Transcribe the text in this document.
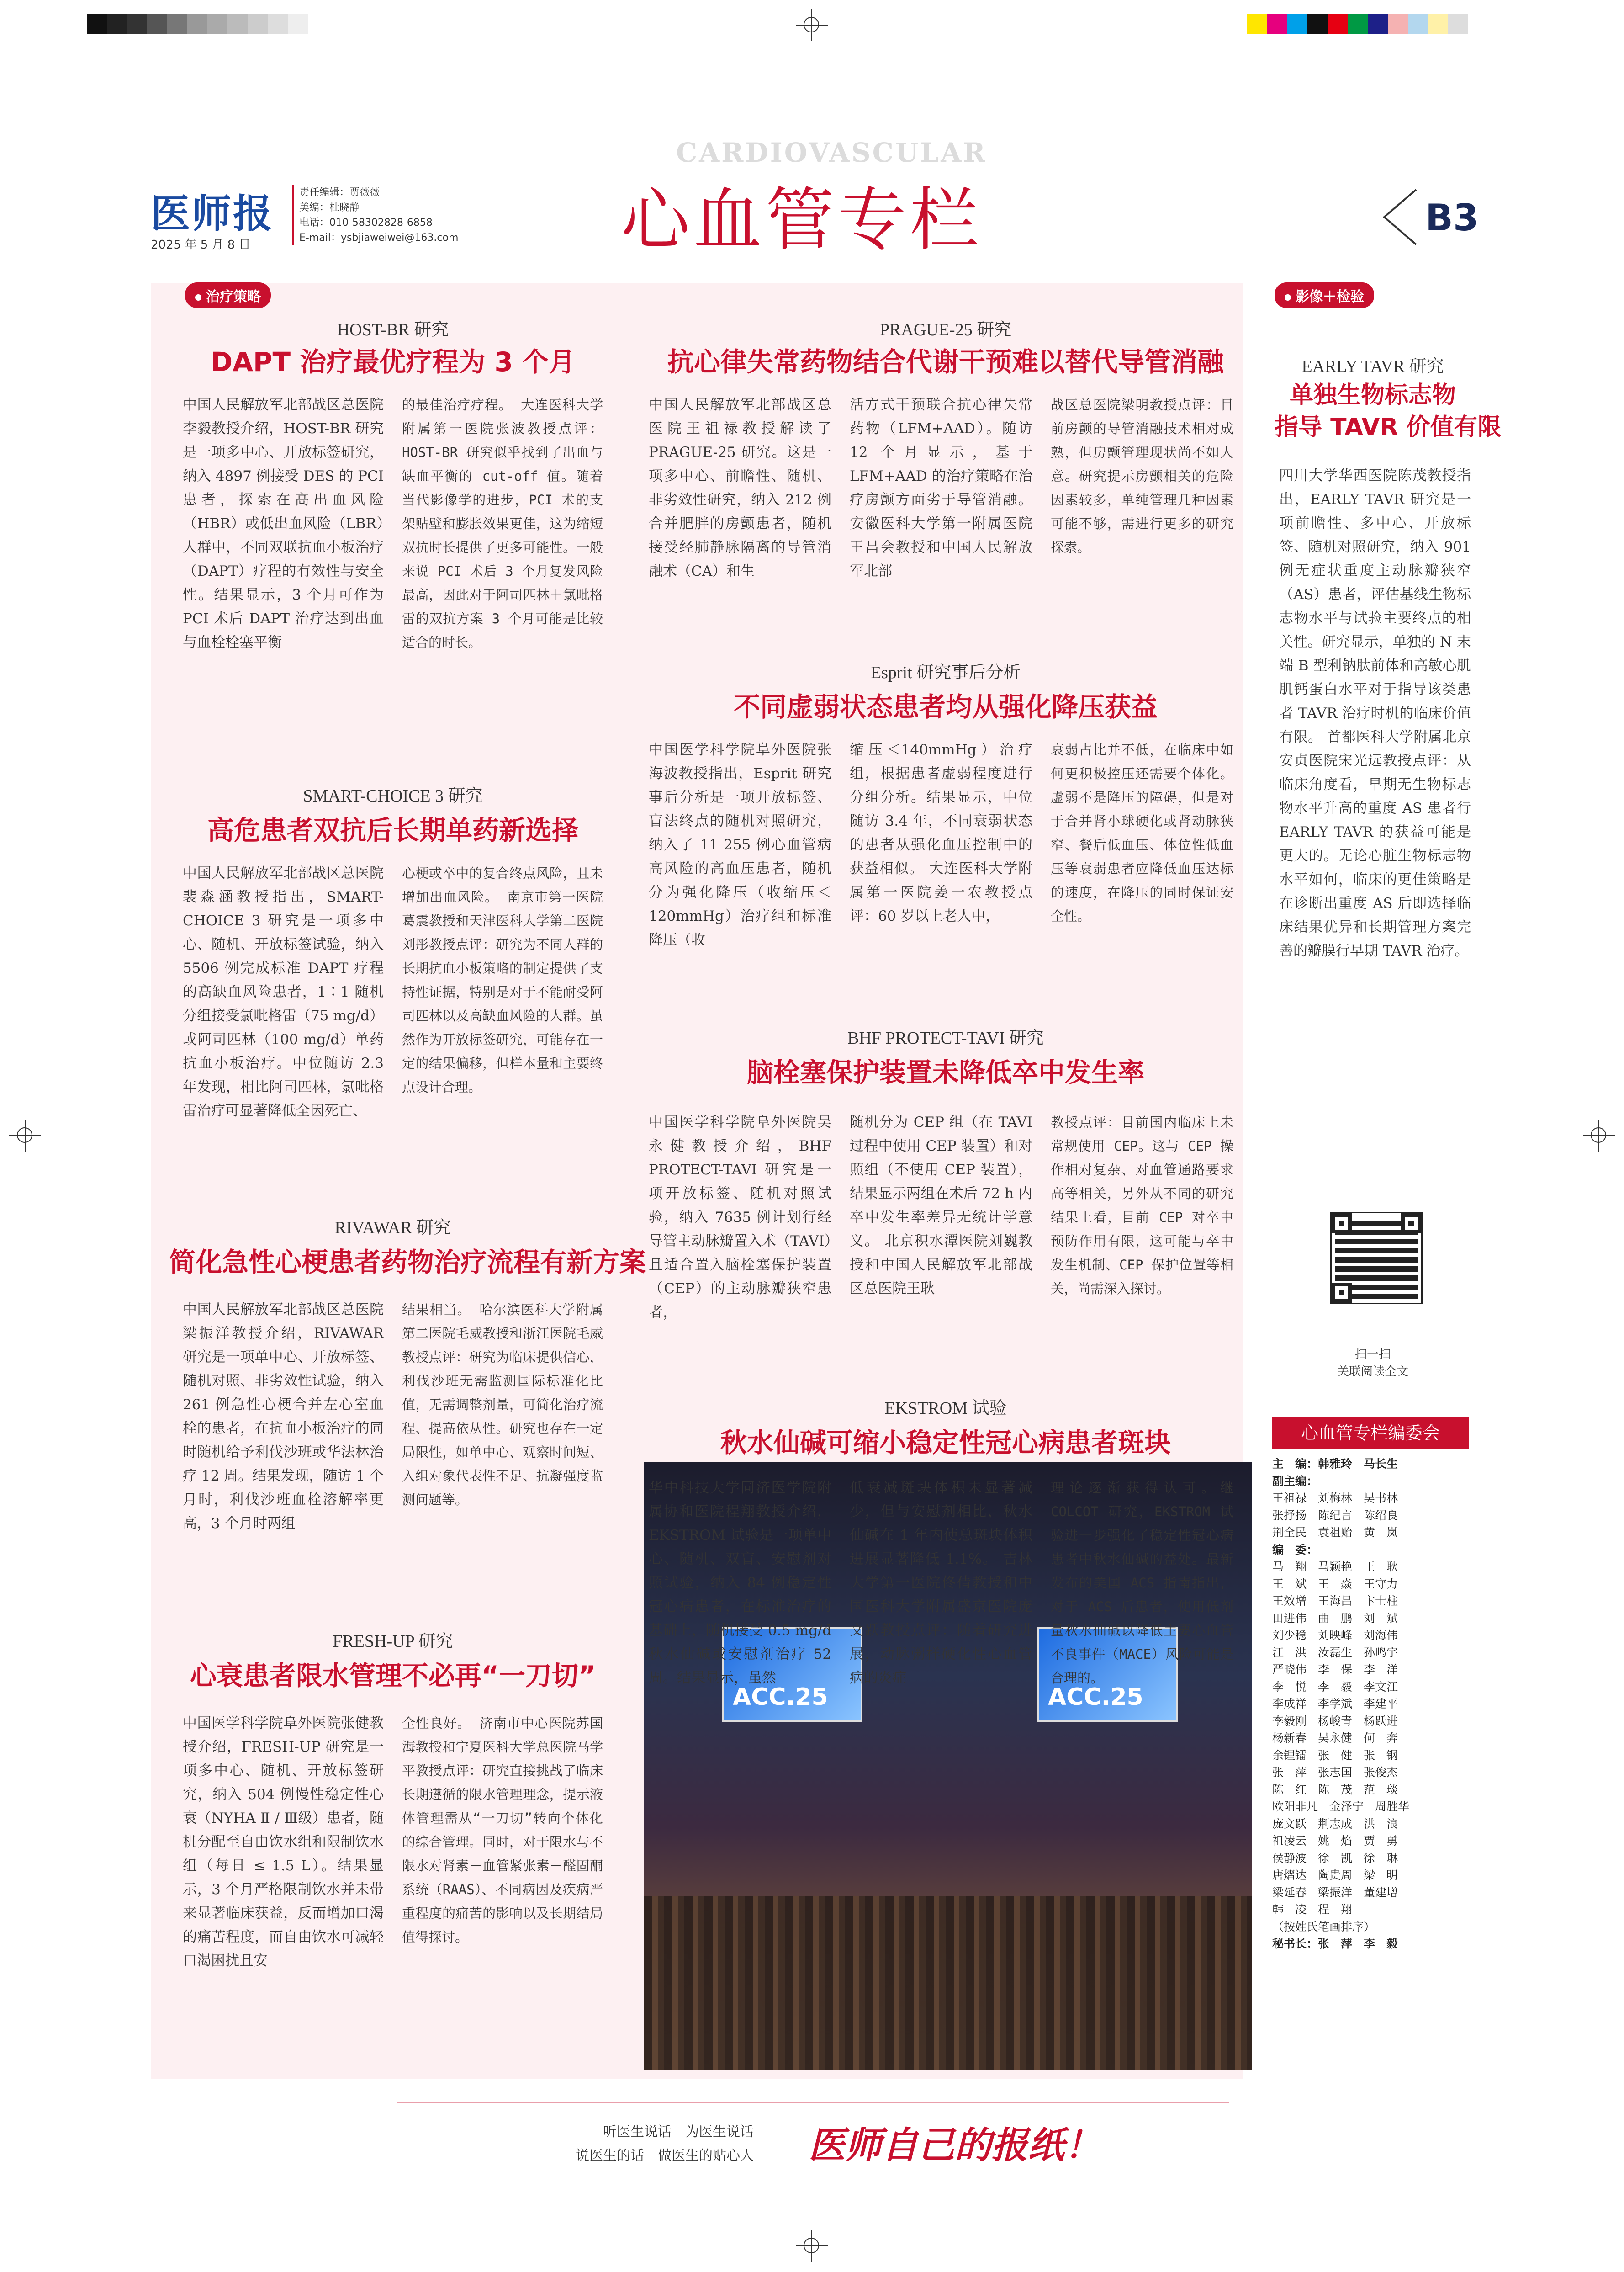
医师报
2025 年 5 月 8 日
责任编辑：贾薇薇
美编：杜晓静
电话：010-58302828-6858
E-mail：ysbjiaweiwei@163.com
CARDIOVASCULAR
心血管专栏	B3
治疗策略	影像＋检验
HOST-BR 研究
DAPT 治疗最优疗程为 3 个月
中国人民解放军北部战区总医院李毅教授介绍，HOST-BR 研究是一项多中心、开放标签研究，纳入 4897 例接受 DES 的 PCI 患者，探索在高出血风险（HBR）或低出血风险（LBR）人群中，不同双联抗血小板治疗（DAPT）疗程的有效性与安全性。结果显示，3 个月可作为 PCI 术后 DAPT 治疗达到出血与血栓栓塞平衡
的最佳治疗疗程。 大连医科大学附属第一医院张波教授点评：HOST-BR 研究似乎找到了出血与缺血平衡的 cut-off 值。随着当代影像学的进步，PCI 术的支架贴壁和膨胀效果更佳，这为缩短双抗时长提供了更多可能性。一般来说 PCI 术后 3 个月复发风险最高，因此对于阿司匹林＋氯吡格雷的双抗方案 3 个月可能是比较适合的时长。
SMART-CHOICE 3 研究
高危患者双抗后长期单药新选择
中国人民解放军北部战区总医院裴淼涵教授指出，SMART-CHOICE 3 研究是一项多中心、随机、开放标签试验，纳入 5506 例完成标准 DAPT 疗程的高缺血风险患者，1∶1 随机分组接受氯吡格雷（75 mg/d）或阿司匹林（100 mg/d）单药抗血小板治疗。中位随访 2.3 年发现，相比阿司匹林，氯吡格雷治疗可显著降低全因死亡、
心梗或卒中的复合终点风险，且未增加出血风险。 南京市第一医院葛震教授和天津医科大学第二医院刘彤教授点评：研究为不同人群的长期抗血小板策略的制定提供了支持性证据，特别是对于不能耐受阿司匹林以及高缺血风险的人群。虽然作为开放标签研究，可能存在一定的结果偏移，但样本量和主要终点设计合理。
RIVAWAR 研究
简化急性心梗患者药物治疗流程有新方案
中国人民解放军北部战区总医院梁振洋教授介绍，RIVAWAR 研究是一项单中心、开放标签、随机对照、非劣效性试验，纳入 261 例急性心梗合并左心室血栓的患者，在抗血小板治疗的同时随机给予利伐沙班或华法林治疗 12 周。结果发现，随访 1 个月时，利伐沙班血栓溶解率更高，3 个月时两组
结果相当。 哈尔滨医科大学附属第二医院毛威教授和浙江医院毛威教授点评：研究为临床提供信心，利伐沙班无需监测国际标准化比值，无需调整剂量，可简化治疗流程、提高依从性。研究也存在一定局限性，如单中心、观察时间短、入组对象代表性不足、抗凝强度监测问题等。
FRESH-UP 研究
心衰患者限水管理不必再“一刀切”
中国医学科学院阜外医院张健教授介绍，FRESH-UP 研究是一项多中心、随机、开放标签研究，纳入 504 例慢性稳定性心衰（NYHA Ⅱ / Ⅲ级）患者，随机分配至自由饮水组和限制饮水组（每日 ≤ 1.5 L）。结果显示，3 个月严格限制饮水并未带来显著临床获益，反而增加口渴的痛苦程度，而自由饮水可减轻口渴困扰且安
全性良好。 济南市中心医院苏国海教授和宁夏医科大学总医院马学平教授点评：研究直接挑战了临床长期遵循的限水管理理念，提示液体管理需从“一刀切”转向个体化的综合管理。同时，对于限水与不限水对肾素－血管紧张素－醛固酮系统（RAAS）、不同病因及疾病严重程度的痛苦的影响以及长期结局值得探讨。
PRAGUE-25 研究
抗心律失常药物结合代谢干预难以替代导管消融
中国人民解放军北部战区总医院王祖禄教授解读了 PRAGUE-25 研究。这是一项多中心、前瞻性、随机、非劣效性研究，纳入 212 例合并肥胖的房颤患者，随机接受经肺静脉隔离的导管消融术（CA）和生
活方式干预联合抗心律失常药物（LFM+AAD）。随访 12 个月显示，基于 LFM+AAD 的治疗策略在治疗房颤方面劣于导管消融。 安徽医科大学第一附属医院王昌会教授和中国人民解放军北部
战区总医院梁明教授点评：目前房颤的导管消融技术相对成熟，但房颤管理现状尚不如人意。研究提示房颤相关的危险因素较多，单纯管理几种因素可能不够，需进行更多的研究探索。
Esprit 研究事后分析
不同虚弱状态患者均从强化降压获益
中国医学科学院阜外医院张海波教授指出，Esprit 研究事后分析是一项开放标签、盲法终点的随机对照研究，纳入了 11 255 例心血管病高风险的高血压患者，随机分为强化降压（收缩压＜120mmHg）治疗组和标准降压（收
缩压＜140mmHg）治疗组，根据患者虚弱程度进行分组分析。结果显示，中位随访 3.4 年，不同衰弱状态的患者从强化血压控制中的获益相似。 大连医科大学附属第一医院姜一农教授点评：60 岁以上老人中，
衰弱占比并不低，在临床中如何更积极控压还需要个体化。虚弱不是降压的障碍，但是对于合并肾小球硬化或肾动脉狭窄、餐后低血压、体位性低血压等衰弱患者应降低血压达标的速度，在降压的同时保证安全性。
BHF PROTECT-TAVI 研究
脑栓塞保护装置未降低卒中发生率
中国医学科学院阜外医院吴永健教授介绍，BHF PROTECT-TAVI 研究是一项开放标签、随机对照试验，纳入 7635 例计划行经导管主动脉瓣置入术（TAVI）且适合置入脑栓塞保护装置（CEP）的主动脉瓣狭窄患者，
随机分为 CEP 组（在 TAVI 过程中使用 CEP 装置）和对照组（不使用 CEP 装置），结果显示两组在术后 72 h 内卒中发生率差异无统计学意义。 北京积水潭医院刘巍教授和中国人民解放军北部战区总医院王耿
教授点评：目前国内临床上未常规使用 CEP。这与 CEP 操作相对复杂、对血管通路要求高等相关，另外从不同的研究结果上看，目前 CEP 对卒中预防作用有限，这可能与卒中发生机制、CEP 保护位置等相关，尚需深入探讨。
ACC.25	ACC.25
EKSTROM 试验
秋水仙碱可缩小稳定性冠心病患者斑块
华中科技大学同济医学院附属协和医院程翔教授介绍，EKSTROM 试验是一项单中心、随机、双盲、安慰剂对照试验，纳入 84 例稳定性冠心病患者，在标准治疗的基础上，随机接受 0.5 mg/d 秋水仙碱或安慰剂治疗 52 周。结果显示，虽然
低衰减斑块体积未显著减少，但与安慰剂相比，秋水仙碱在 1 年内使总斑块体积进展显著降低 1.1%。 吉林大学第一医院佟倩教授和中国医科大学附属盛京医院庞文跃教授点评：随着研究进展，动脉粥样硬化性心血管病的炎症
理论逐渐获得认可。继 COLCOT 研究，EKSTROM 试验进一步强化了稳定性冠心病患者中秋水仙碱的益处。最新发布的美国 ACS 指南指出，对于 ACS 后患者，使用低剂量秋水仙碱以降低主要心血管不良事件（MACE）风险可能是合理的。
EARLY TAVR 研究
单独生物标志物
指导 TAVR 价值有限
四川大学华西医院陈茂教授指出，EARLY TAVR 研究是一项前瞻性、多中心、开放标签、随机对照研究，纳入 901 例无症状重度主动脉瓣狭窄（AS）患者，评估基线生物标志物水平与试验主要终点的相关性。研究显示，单独的 N 末端 B 型利钠肽前体和高敏心肌肌钙蛋白水平对于指导该类患者 TAVR 治疗时机的临床价值有限。 首都医科大学附属北京安贞医院宋光远教授点评：从临床角度看，早期无生物标志物水平升高的重度 AS 患者行 EARLY TAVR 的获益可能是更大的。无论心脏生物标志物水平如何，临床的更佳策略是在诊断出重度 AS 后即选择临床结果优异和长期管理方案完善的瓣膜行早期 TAVR 治疗。
扫一扫
关联阅读全文
心血管专栏编委会
主　编：韩雅玲　马长生
副主编：
王祖禄　刘梅林　吴书林
张抒扬　陈纪言　陈绍良
荆全民　袁祖贻　黄　岚
编　委：
马　翔　马颖艳　王　耿
王　斌　王　焱　王守力
王效增　王海昌　卞士柱
田进伟　曲　鹏　刘　斌
刘少稳　刘映峰　刘海伟
江　洪　汝磊生　孙鸣宇
严晓伟　李　保　李　洋
李　悦　李　毅　李文江
李成祥　李学斌　李建平
李毅刚　杨峻青　杨跃进
杨新春　吴永健　何　奔
余锂镭　张　健　张　钢
张　萍　张志国　张俊杰
陈　红　陈　茂　范　琰
欧阳非凡　金泽宁　周胜华
庞文跃　荆志成　洪　浪
祖凌云　姚　焰　贾　勇
侯静波　徐　凯　徐　琳
唐熠达　陶贵周　梁　明
梁延春　梁振洋　董建增
韩　凌　程　翔
（按姓氏笔画排序）
秘书长：张　萍　李　毅
听医生说话　为医生说话
说医生的话　做医生的贴心人 医师自己的报纸！
